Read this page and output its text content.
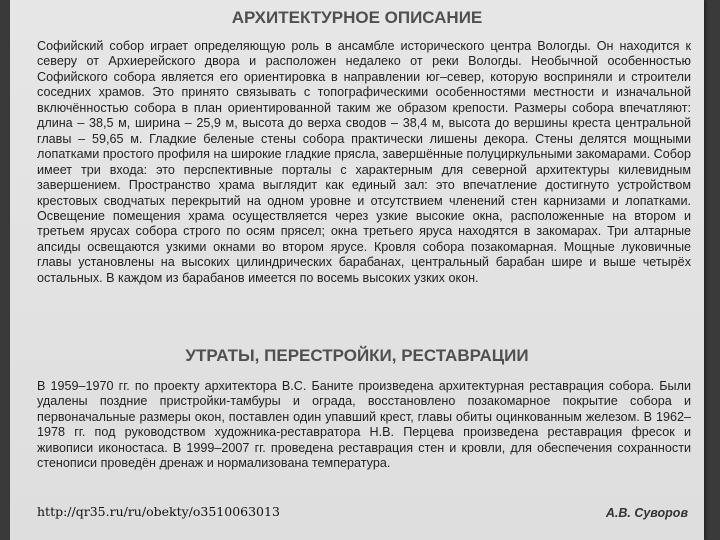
АРХИТЕКТУРНОЕ ОПИСАНИЕ

Софийский собор играет определяющую роль в ансамбле исторического центра Вологды. Он находится к северу от Архиерейского двора и расположен недалеко от реки Вологды. Необычной особенностью Софийского собора является его ориентировка в направлении юг–север, которую восприняли и строители соседних храмов. Это принято связывать с топографическими особенностями местности и изначальной включённостью собора в план ориентированной таким же образом крепости. Размеры собора впечатляют: длина – 38,5 м, ширина – 25,9 м, высота до верха сводов – 38,4 м, высота до вершины креста центральной главы – 59,65 м. Гладкие беленые стены собора практически лишены декора. Стены делятся мощными лопатками простого профиля на широкие гладкие прясла, завершённые полуциркульными закомарами. Собор имеет три входа: это перспективные порталы с характерным для северной архитектуры килевидным завершением. Пространство храма выглядит как единый зал: это впечатление достигнуто устройством крестовых сводчатых перекрытий на одном уровне и отсутствием членений стен карнизами и лопатками. Освещение помещения храма осуществляется через узкие высокие окна, расположенные на втором и третьем ярусах собора строго по осям прясел; окна третьего яруса находятся в закомарах. Три алтарные апсиды освещаются узкими окнами во втором ярусе. Кровля собора позакомарная. Мощные луковичные главы установлены на высоких цилиндрических барабанах, центральный барабан шире и выше четырёх остальных. В каждом из барабанов имеется по восемь высоких узких окон.

УТРАТЫ, ПЕРЕСТРОЙКИ, РЕСТАВРАЦИИ

В 1959–1970 гг. по проекту архитектора В.С. Баните произведена архитектурная реставрация собора. Были удалены поздние пристройки-тамбуры и ограда, восстановлено позакомарное покрытие собора и первоначальные размеры окон, поставлен один упавший крест, главы обиты оцинкованным железом. В 1962–1978 гг. под руководством художника-реставратора Н.В. Перцева произведена реставрация фресок и живописи иконостаса. В 1999–2007 гг. проведена реставрация стен и кровли, для обеспечения сохранности стенописи проведён дренаж и нормализована температура.

http://qr35.ru/ru/obekty/o3510063013	А.В. Суворов
